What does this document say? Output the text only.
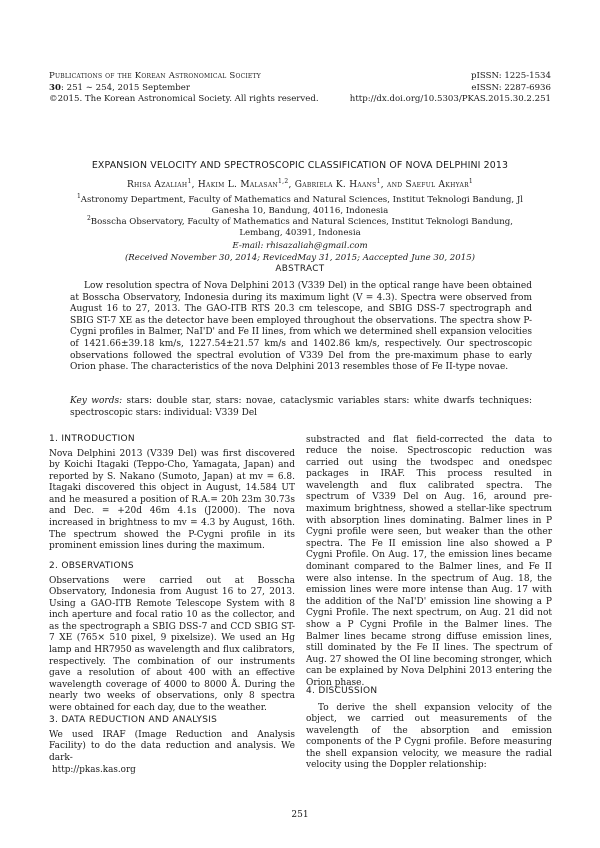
Publications of the Korean Astronomical Society
30: 251 ∼ 254, 2015 September
©2015. The Korean Astronomical Society. All rights reserved.
pISSN: 1225-1534
eISSN: 2287-6936
http://dx.doi.org/10.5303/PKAS.2015.30.2.251
EXPANSION VELOCITY AND SPECTROSCOPIC CLASSIFICATION OF NOVA DELPHINI 2013
Rhisa Azaliah$^1$, Hakim L. Malasan$^{1,2}$, Gabriela K. Haans$^1$, and Saeful Akhyar$^1$
$^1$Astronomy Department, Faculty of Mathematics and Natural Sciences, Institut Teknologi Bandung, Jl Ganesha 10, Bandung, 40116, Indonesia
$^2$Bosscha Observatory, Faculty of Mathematics and Natural Sciences, Institut Teknologi Bandung, Lembang, 40391, Indonesia
E-mail: rhisazaliah@gmail.com
(Received November 30, 2014; RevicedMay 31, 2015; Aaccepted June 30, 2015)
ABSTRACT
Low resolution spectra of Nova Delphini 2013 (V339 Del) in the optical range have been obtained at Bosscha Observatory, Indonesia during its maximum light (V = 4.3). Spectra were observed from August 16 to 27, 2013. The GAO-ITB RTS 20.3 cm telescope, and SBIG DSS-7 spectrograph and SBIG ST-7 XE as the detector have been employed throughout the observations. The spectra show P-Cygni profiles in Balmer, NaI'D' and Fe II lines, from which we determined shell expansion velocities of 1421.66±39.18 km/s, 1227.54±21.57 km/s and 1402.86 km/s, respectively. Our spectroscopic observations followed the spectral evolution of V339 Del from the pre-maximum phase to early Orion phase. The characteristics of the nova Delphini 2013 resembles those of Fe II-type novae.
Key words: stars: double star, stars: novae, cataclysmic variables stars: white dwarfs techniques: spectroscopic stars: individual: V339 Del
1. INTRODUCTION
Nova Delphini 2013 (V339 Del) was first discovered by Koichi Itagaki (Teppo-Cho, Yamagata, Japan) and reported by S. Nakano (Sumoto, Japan) at mv = 6.8. Itagaki discovered this object in August, 14.584 UT and he measured a position of R.A.= 20h 23m 30.73s and Dec. = +20d 46m 4.1s (J2000). The nova increased in brightness to mv = 4.3 by August, 16th. The spectrum showed the P-Cygni profile in its prominent emission lines during the maximum.
2. OBSERVATIONS
Observations were carried out at Bosscha Observatory, Indonesia from August 16 to 27, 2013. Using a GAO-ITB Remote Telescope System with 8 inch aperture and focal ratio 10 as the collector, and as the spectrograph a SBIG DSS-7 and CCD SBIG ST-7 XE (765× 510 pixel, 9 pixelsize). We used an Hg lamp and HR7950 as wavelength and flux calibrators, respectively. The combination of our instruments gave a resolution of about 400 with an effective wavelength coverage of 4000 to 8000 Å. During the nearly two weeks of observations, only 8 spectra were obtained for each day, due to the weather.
3. DATA REDUCTION AND ANALYSIS
We used IRAF (Image Reduction and Analysis Facility) to do the data reduction and analysis. We dark-
http://pkas.kas.org
substracted and flat field-corrected the data to reduce the noise. Spectroscopic reduction was carried out using the twodspec and onedspec packages in IRAF. This process resulted in wavelength and flux calibrated spectra. The spectrum of V339 Del on Aug. 16, around pre-maximum brightness, showed a stellar-like spectrum with absorption lines dominating. Balmer lines in P Cygni profile were seen, but weaker than the other spectra. The Fe II emission line also showed a P Cygni Profile. On Aug. 17, the emission lines became dominant compared to the Balmer lines, and Fe II were also intense. In the spectrum of Aug. 18, the emission lines were more intense than Aug. 17 with the addition of the NaI'D' emission line showing a P Cygni Profile. The next spectrum, on Aug. 21 did not show a P Cygni Profile in the Balmer lines. The Balmer lines became strong diffuse emission lines, still dominated by the Fe II lines. The spectrum of Aug. 27 showed the OI line becoming stronger, which can be explained by Nova Delphini 2013 entering the Orion phase.
4. DISCUSSION
To derive the shell expansion velocity of the object, we carried out measurements of the wavelength of the absorption and emission components of the P Cygni profile. Before measuring the shell expansion velocity, we measure the radial velocity using the Doppler relationship:
251
